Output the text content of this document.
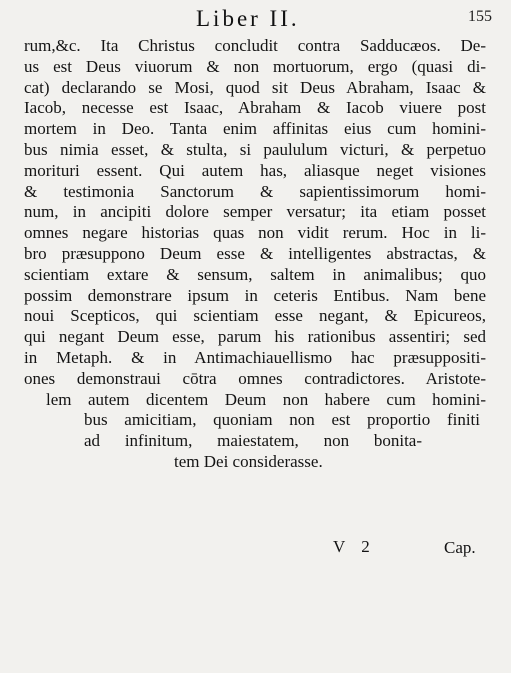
Liber II.	155
rum,&c. Ita Christus concludit contra Sadducæos. De-
us est Deus viuorum & non mortuorum, ergo (quasi di-
cat) declarando se Mosi, quod sit Deus Abraham, Isaac &
Iacob, necesse est Isaac, Abraham & Iacob viuere post
mortem in Deo. Tanta enim affinitas eius cum homini-
bus nimia esset, & stulta, si paululum victuri, & perpetuo
morituri essent. Qui autem has, aliasque neget visiones
& testimonia Sanctorum & sapientissimorum homi-
num, in ancipiti dolore semper versatur; ita etiam posset
omnes negare historias quas non vidit rerum. Hoc in li-
bro præsuppono Deum esse & intelligentes abstractas, &
scientiam extare & sensum, saltem in animalibus; quo
possim demonstrare ipsum in ceteris Entibus. Nam bene
noui Scepticos, qui scientiam esse negant, & Epicureos,
qui negant Deum esse, parum his rationibus assentiri; sed
in Metaph. & in Antimachiauellismo hac præsuppositi-
ones demonstraui cōtra omnes contradictores. Aristote-
lem autem dicentem Deum non habere cum homini-
bus amicitiam, quoniam non est proportio finiti
ad infinitum, maiestatem, non bonita-
tem Dei considerasse.
V 2	Cap.
